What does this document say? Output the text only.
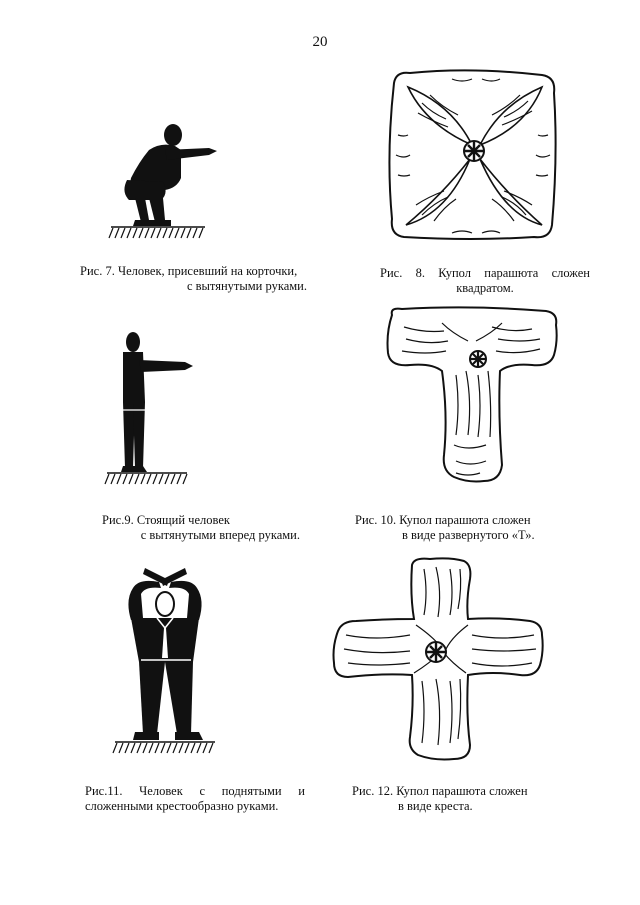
20
Рис. 7. Человек, присевший на корточки,
с вытянутыми руками.
Рис. 8. Купол парашюта сложен
квадратом.
Рис.9. Стоящий человек
с вытянутыми вперед руками.
Рис. 10. Купол парашюта сложен
в виде развернутого «Т».
Рис.11. Человек с поднятыми и
сложенными крестообразно руками.
Рис. 12. Купол парашюта сложен
в виде креста.
